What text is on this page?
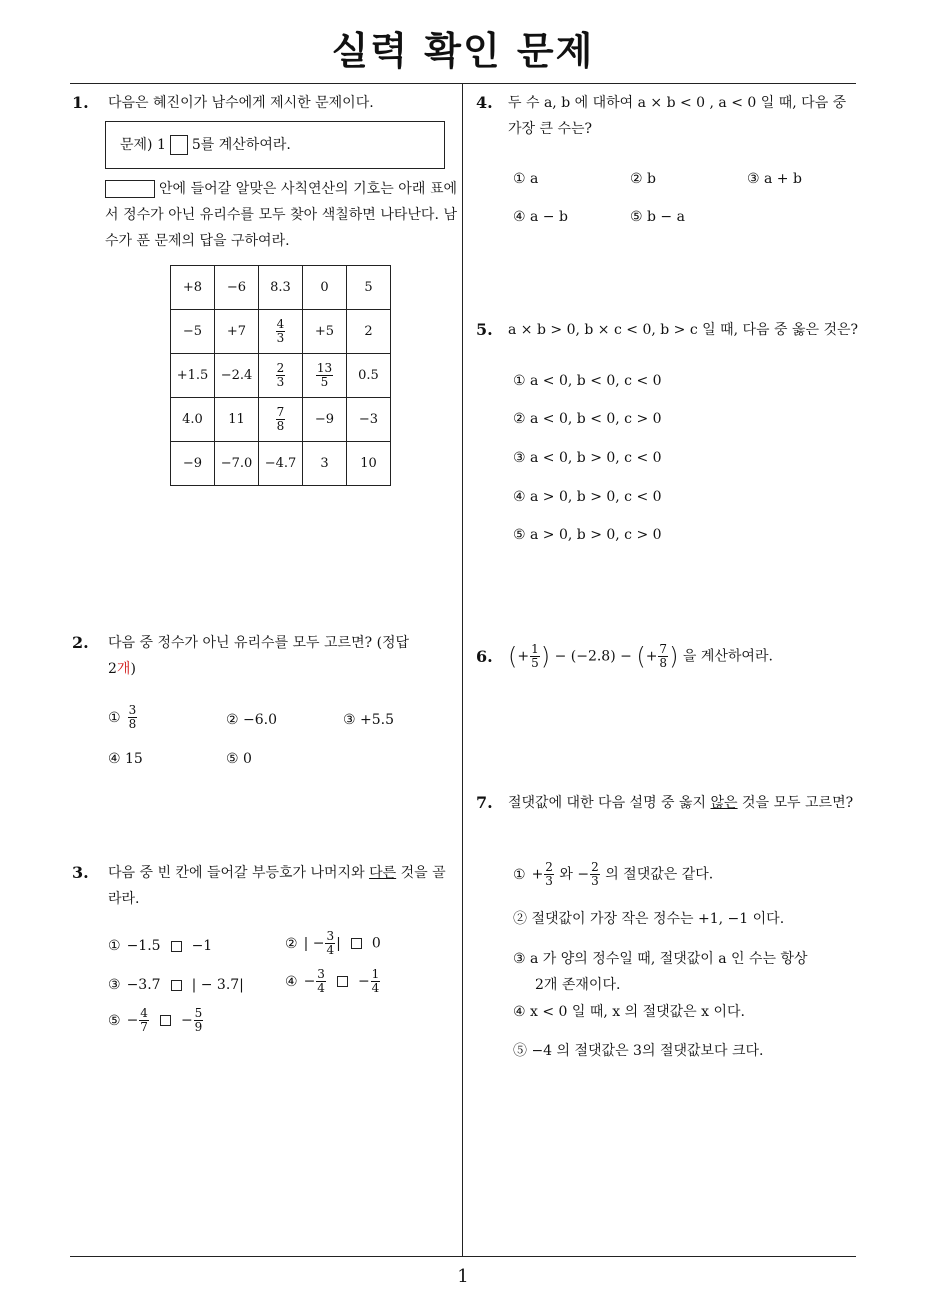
실력 확인 문제
1
1. 다음은 혜진이가 남수에게 제시한 문제이다.
문제) 1 5를 계산하여라.
안에 들어갈 알맞은 사칙연산의 기호는 아래 표에서 정수가 아닌 유리수를 모두 찾아 색칠하면 나타난다. 남수가 푼 문제의 답을 구하여라.
+8	−6	8.3	0	5
−5	+7	$\frac{4}{3}$	+5	2
+1.5	−2.4	$\frac{2}{3}$	$\frac{13}{5}$	0.5
4.0	11	$\frac{7}{8}$	−9	−3
−9	−7.0	−4.7	3	10
2. 다음 중 정수가 아닌 유리수를 모두 고르면? (정답
2개)
① $\frac{3}{8}$	② −6.0	③ +5.5
④ 15	⑤ 0
3. 다음 중 빈 칸에 들어갈 부등호가 나머지와 다른 것을 골라라.
① −1.5 −1	② | − $\frac{3}{4}$ | 0
③ −3.7 | − 3.7|	④ − $\frac{3}{4} - \frac{1}{4}$
⑤ − $\frac{4}{7} - \frac{5}{9}$
4. 두 수 a, b 에 대하여 a × b < 0 , a < 0 일 때, 다음 중 가장 큰 수는?
① a	② b	③ a + b
④ a − b	⑤ b − a
5. a × b > 0, b × c < 0, b > c 일 때, 다음 중 옳은 것은?
① a < 0, b < 0, c < 0
② a < 0, b < 0, c > 0
③ a < 0, b > 0, c < 0
④ a > 0, b > 0, c < 0
⑤ a > 0, b > 0, c > 0
6. (+ $\frac{1}{5}$ ) − (−2.8) − (+ $\frac{7}{8}$ ) 을 계산하여라.
7. 절댓값에 대한 다음 설명 중 옳지 않은 것을 모두 고르면?
① + $\frac{2}{3}$ 와 − $\frac{2}{3}$ 의 절댓값은 같다.
② 절댓값이 가장 작은 정수는 +1, −1 이다.
③ a 가 양의 정수일 때, 절댓값이 a 인 수는 항상
2개 존재이다.
④ x < 0 일 때, x 의 절댓값은 x 이다.
⑤ −4 의 절댓값은 3의 절댓값보다 크다.
